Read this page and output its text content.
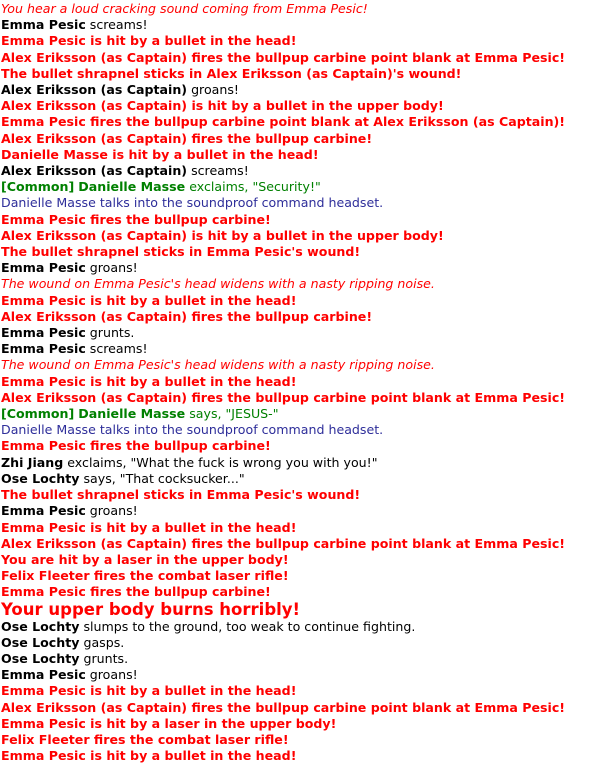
You hear a loud cracking sound coming from Emma Pesic!
Emma Pesic screams!
Emma Pesic is hit by a bullet in the head!
Alex Eriksson (as Captain) fires the bullpup carbine point blank at Emma Pesic!
The bullet shrapnel sticks in Alex Eriksson (as Captain)'s wound!
Alex Eriksson (as Captain) groans!
Alex Eriksson (as Captain) is hit by a bullet in the upper body!
Emma Pesic fires the bullpup carbine point blank at Alex Eriksson (as Captain)!
Alex Eriksson (as Captain) fires the bullpup carbine!
Danielle Masse is hit by a bullet in the head!
Alex Eriksson (as Captain) screams!
[Common] Danielle Masse exclaims, "Security!"
Danielle Masse talks into the soundproof command headset.
Emma Pesic fires the bullpup carbine!
Alex Eriksson (as Captain) is hit by a bullet in the upper body!
The bullet shrapnel sticks in Emma Pesic's wound!
Emma Pesic groans!
The wound on Emma Pesic's head widens with a nasty ripping noise.
Emma Pesic is hit by a bullet in the head!
Alex Eriksson (as Captain) fires the bullpup carbine!
Emma Pesic grunts.
Emma Pesic screams!
The wound on Emma Pesic's head widens with a nasty ripping noise.
Emma Pesic is hit by a bullet in the head!
Alex Eriksson (as Captain) fires the bullpup carbine point blank at Emma Pesic!
[Common] Danielle Masse says, "JESUS-"
Danielle Masse talks into the soundproof command headset.
Emma Pesic fires the bullpup carbine!
Zhi Jiang exclaims, "What the fuck is wrong you with you!"
Ose Lochty says, "That cocksucker..."
The bullet shrapnel sticks in Emma Pesic's wound!
Emma Pesic groans!
Emma Pesic is hit by a bullet in the head!
Alex Eriksson (as Captain) fires the bullpup carbine point blank at Emma Pesic!
You are hit by a laser in the upper body!
Felix Fleeter fires the combat laser rifle!
Emma Pesic fires the bullpup carbine!
Your upper body burns horribly!
Ose Lochty slumps to the ground, too weak to continue fighting.
Ose Lochty gasps.
Ose Lochty grunts.
Emma Pesic groans!
Emma Pesic is hit by a bullet in the head!
Alex Eriksson (as Captain) fires the bullpup carbine point blank at Emma Pesic!
Emma Pesic is hit by a laser in the upper body!
Felix Fleeter fires the combat laser rifle!
Emma Pesic is hit by a bullet in the head!
